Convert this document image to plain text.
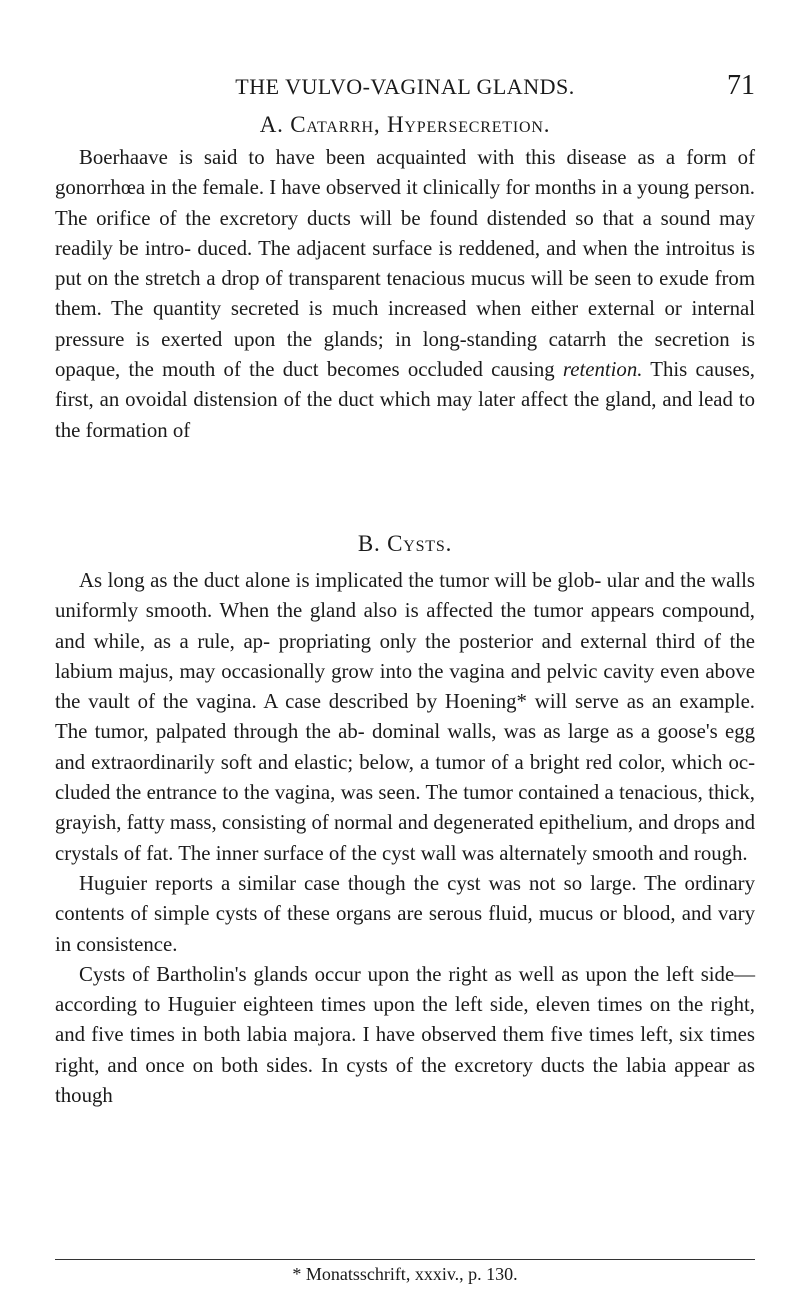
THE VULVO-VAGINAL GLANDS.	71
A. Catarrh, Hypersecretion.

Boerhaave is said to have been acquainted with this disease as a form of gonorrhœa in the female. I have observed it clinically for months in a young person. The orifice of the excretory ducts will be found distended so that a sound may readily be intro- duced. The adjacent surface is reddened, and when the introitus is put on the stretch a drop of transparent tenacious mucus will be seen to exude from them. The quantity secreted is much increased when either external or internal pressure is exerted upon the glands; in long-standing catarrh the secretion is opaque, the mouth of the duct becomes occluded causing retention. This causes, first, an ovoidal distension of the duct which may later affect the gland, and lead to the formation of

B. Cysts.

As long as the duct alone is implicated the tumor will be glob- ular and the walls uniformly smooth. When the gland also is affected the tumor appears compound, and while, as a rule, ap- propriating only the posterior and external third of the labium majus, may occasionally grow into the vagina and pelvic cavity even above the vault of the vagina. A case described by Hoening* will serve as an example. The tumor, palpated through the ab- dominal walls, was as large as a goose's egg and extraordinarily soft and elastic; below, a tumor of a bright red color, which oc- cluded the entrance to the vagina, was seen. The tumor contained a tenacious, thick, grayish, fatty mass, consisting of normal and degenerated epithelium, and drops and crystals of fat. The inner surface of the cyst wall was alternately smooth and rough.

Huguier reports a similar case though the cyst was not so large. The ordinary contents of simple cysts of these organs are serous fluid, mucus or blood, and vary in consistence.

Cysts of Bartholin's glands occur upon the right as well as upon the left side—according to Huguier eighteen times upon the left side, eleven times on the right, and five times in both labia majora. I have observed them five times left, six times right, and once on both sides. In cysts of the excretory ducts the labia appear as though

* Monatsschrift, xxxiv., p. 130.
